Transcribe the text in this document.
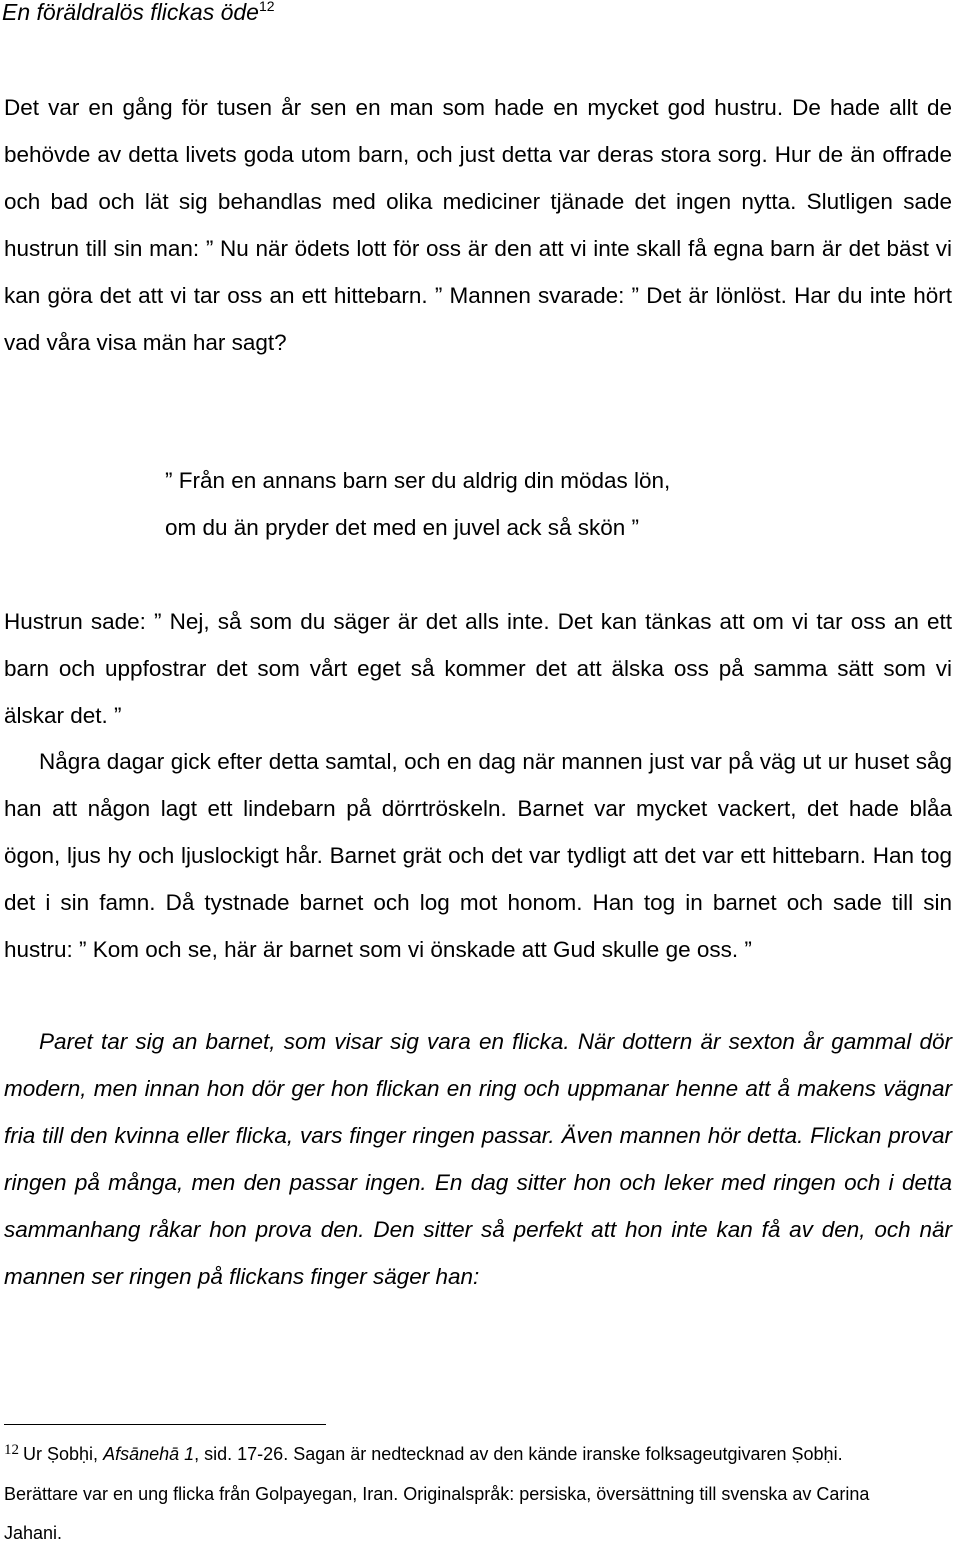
En föräldralös flickas öde$^{12}$

Det var en gång för tusen år sen en man som hade en mycket god hustru. De hade allt de behövde av detta livets goda utom barn, och just detta var deras stora sorg. Hur de än offrade och bad och lät sig behandlas med olika mediciner tjänade det ingen nytta. Slutligen sade hustrun till sin man: ” Nu när ödets lott för oss är den att vi inte skall få egna barn är det bäst vi kan göra det att vi tar oss an ett hittebarn. ” Mannen svarade: ” Det är lönlöst. Har du inte hört vad våra visa män har sagt?

” Från en annans barn ser du aldrig din mödas lön,
om du än pryder det med en juvel ack så skön ”

Hustrun sade: ” Nej, så som du säger är det alls inte. Det kan tänkas att om vi tar oss an ett barn och uppfostrar det som vårt eget så kommer det att älska oss på samma sätt som vi älskar det. ”

Några dagar gick efter detta samtal, och en dag när mannen just var på väg ut ur huset såg han att någon lagt ett lindebarn på dörrtröskeln. Barnet var mycket vackert, det hade blåa ögon, ljus hy och ljuslockigt hår. Barnet grät och det var tydligt att det var ett hittebarn. Han tog det i sin famn. Då tystnade barnet och log mot honom. Han tog in barnet och sade till sin hustru: ” Kom och se, här är barnet som vi önskade att Gud skulle ge oss. ”

Paret tar sig an barnet, som visar sig vara en flicka. När dottern är sexton år gammal dör modern, men innan hon dör ger hon flickan en ring och uppmanar henne att å makens vägnar fria till den kvinna eller flicka, vars finger ringen passar. Även mannen hör detta. Flickan provar ringen på många, men den passar ingen. En dag sitter hon och leker med ringen och i detta sammanhang råkar hon prova den. Den sitter så perfekt att hon inte kan få av den, och när mannen ser ringen på flickans finger säger han:

$^{12}$ Ur Ṣobḥi, Afsānehā 1, sid. 17-26. Sagan är nedtecknad av den kände iranske folksageutgivaren Ṣobḥi. Berättare var en ung flicka från Golpayegan, Iran. Originalspråk: persiska, översättning till svenska av Carina Jahani.
